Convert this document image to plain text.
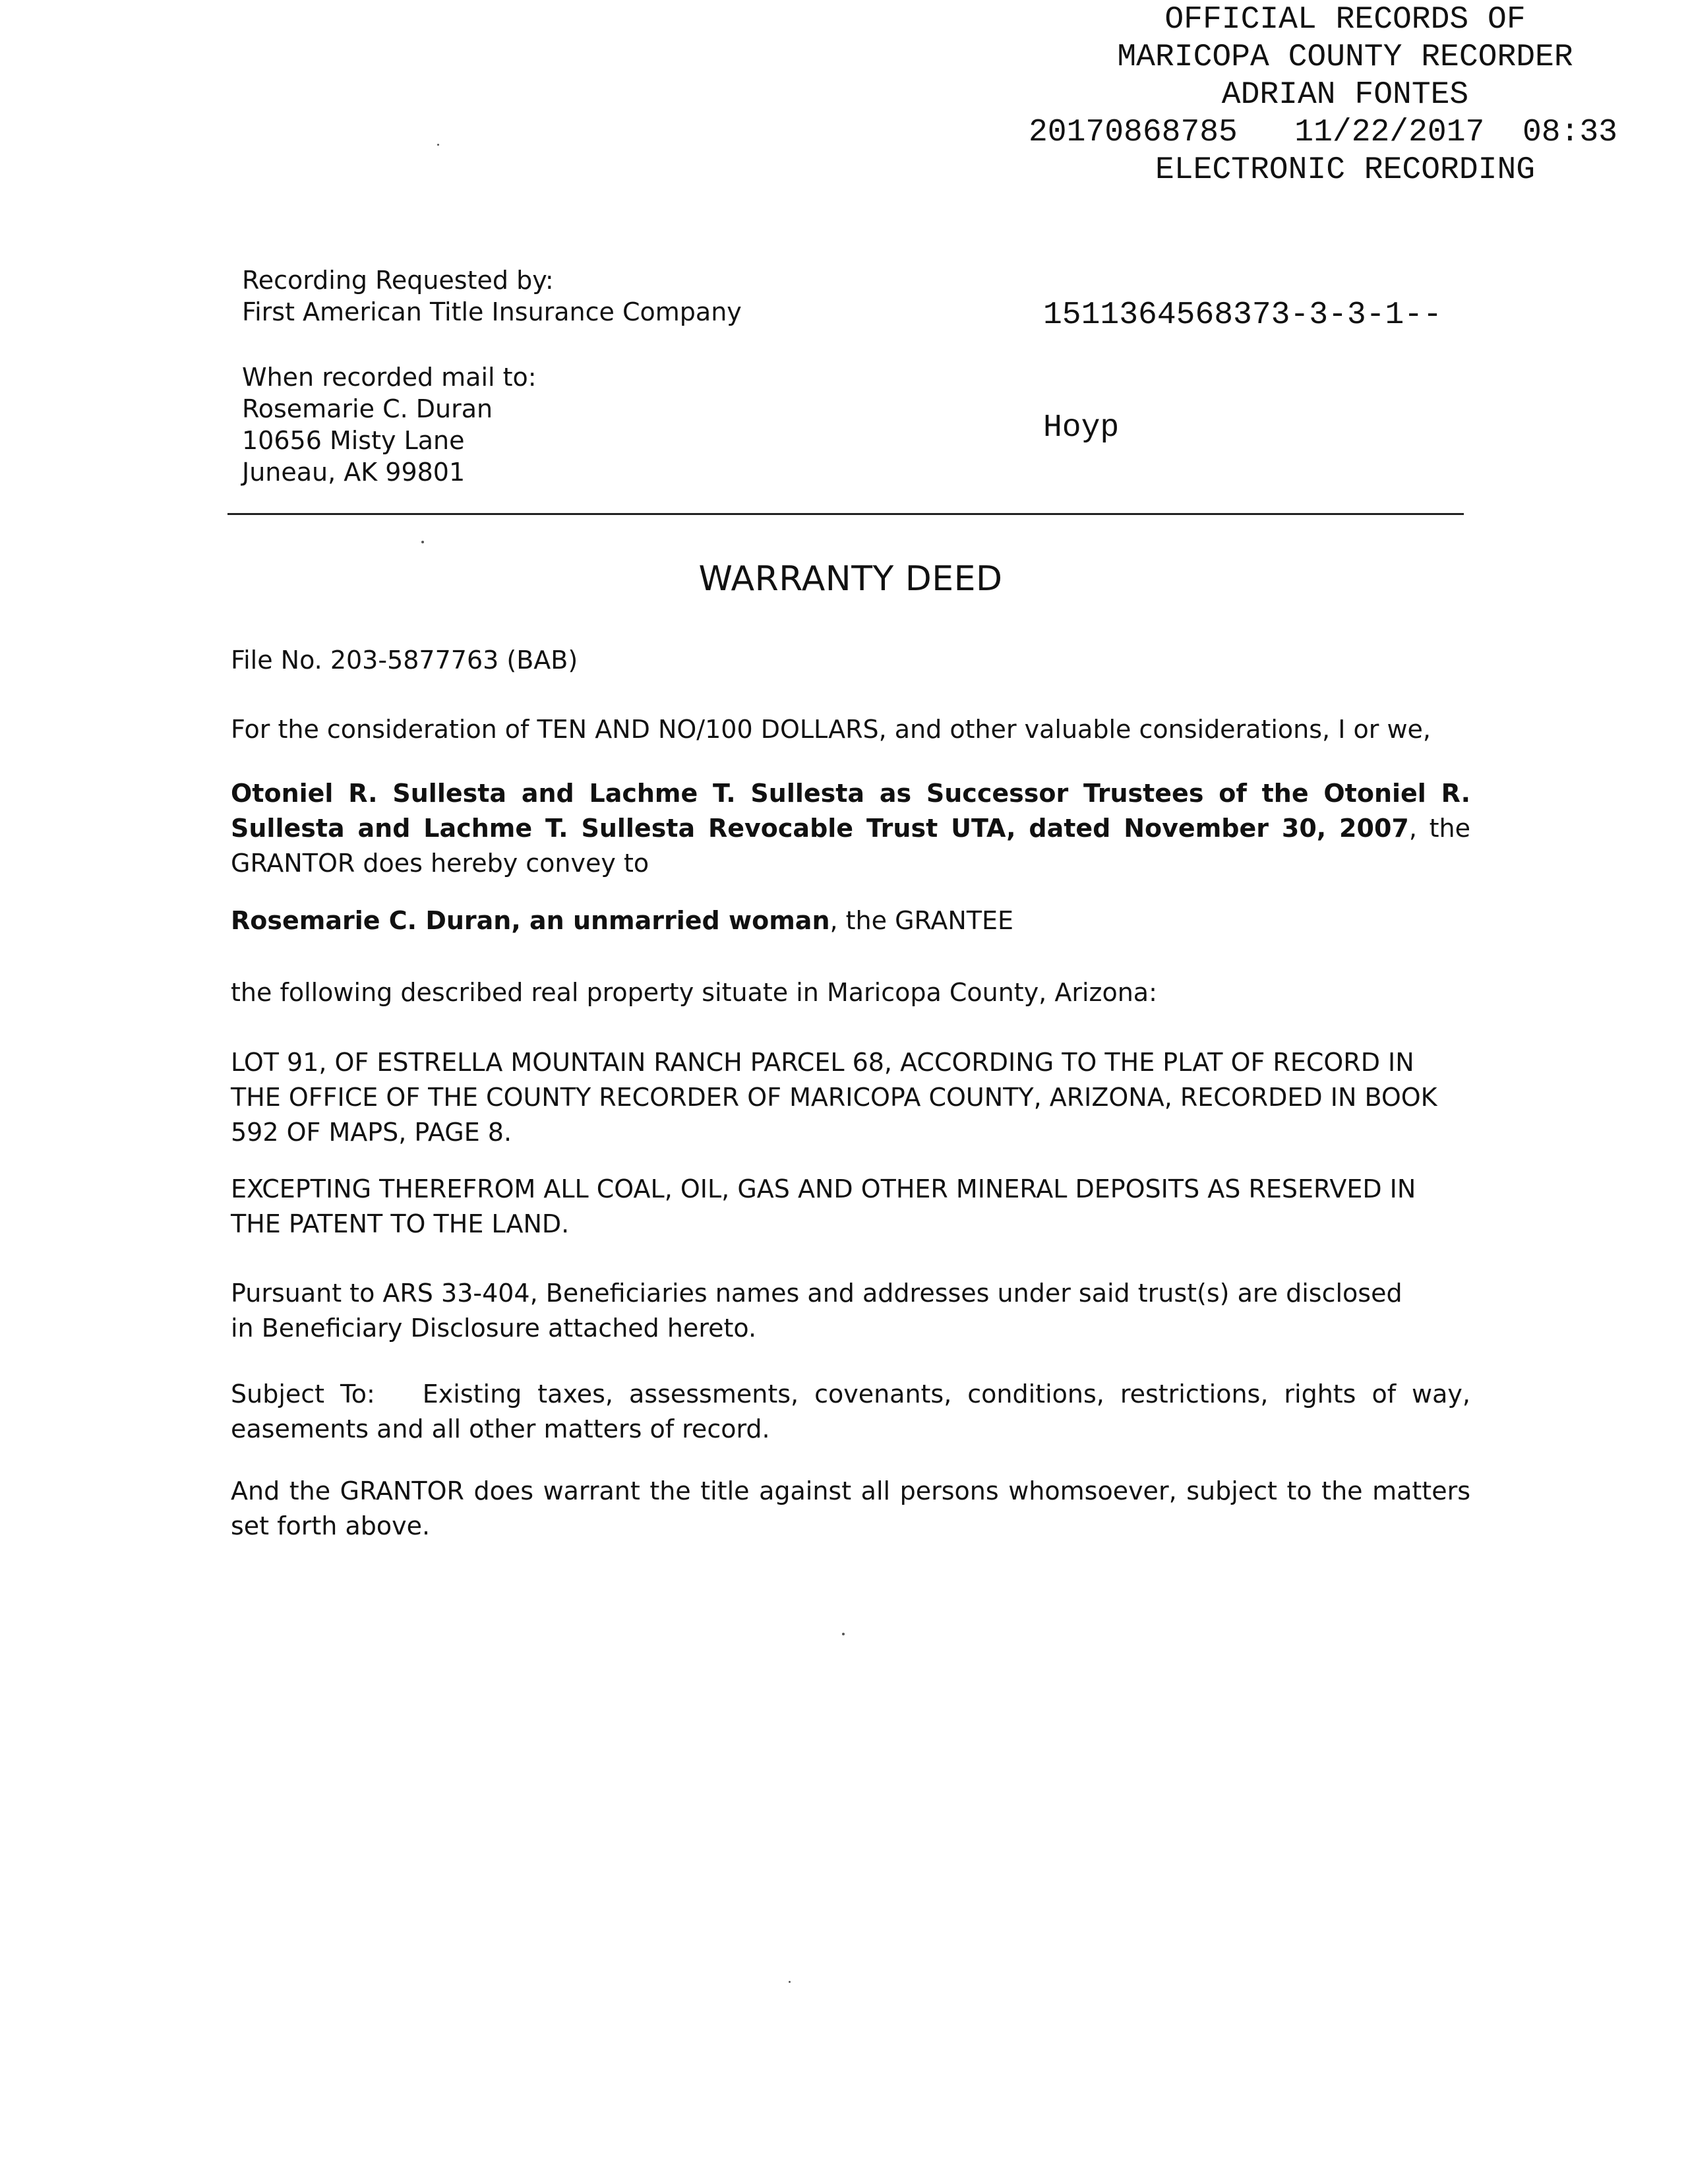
OFFICIAL RECORDS OF
MARICOPA COUNTY RECORDER
ADRIAN FONTES
20170868785 11/22/2017 08:33
ELECTRONIC RECORDING

1511364568373-3-3-1--

Hoyp

Recording Requested by:
First American Title Insurance Company
When recorded mail to:
Rosemarie C. Duran
10656 Misty Lane
Juneau, AK 99801
WARRANTY DEED
File No. 203-5877763 (BAB)
For the consideration of TEN AND NO/100 DOLLARS, and other valuable considerations, I or we,
Otoniel R. Sullesta and Lachme T. Sullesta as Successor Trustees of the Otoniel R. Sullesta and Lachme T. Sullesta Revocable Trust UTA, dated November 30, 2007, the GRANTOR does hereby convey to
Rosemarie C. Duran, an unmarried woman, the GRANTEE
the following described real property situate in Maricopa County, Arizona:
LOT 91, OF ESTRELLA MOUNTAIN RANCH PARCEL 68, ACCORDING TO THE PLAT OF RECORD IN THE OFFICE OF THE COUNTY RECORDER OF MARICOPA COUNTY, ARIZONA, RECORDED IN BOOK 592 OF MAPS, PAGE 8.
EXCEPTING THEREFROM ALL COAL, OIL, GAS AND OTHER MINERAL DEPOSITS AS RESERVED IN THE PATENT TO THE LAND.
Pursuant to ARS 33-404, Beneficiaries names and addresses under said trust(s) are disclosed in Beneficiary Disclosure attached hereto.
Subject To: Existing taxes, assessments, covenants, conditions, restrictions, rights of way, easements and all other matters of record.
And the GRANTOR does warrant the title against all persons whomsoever, subject to the matters set forth above.
